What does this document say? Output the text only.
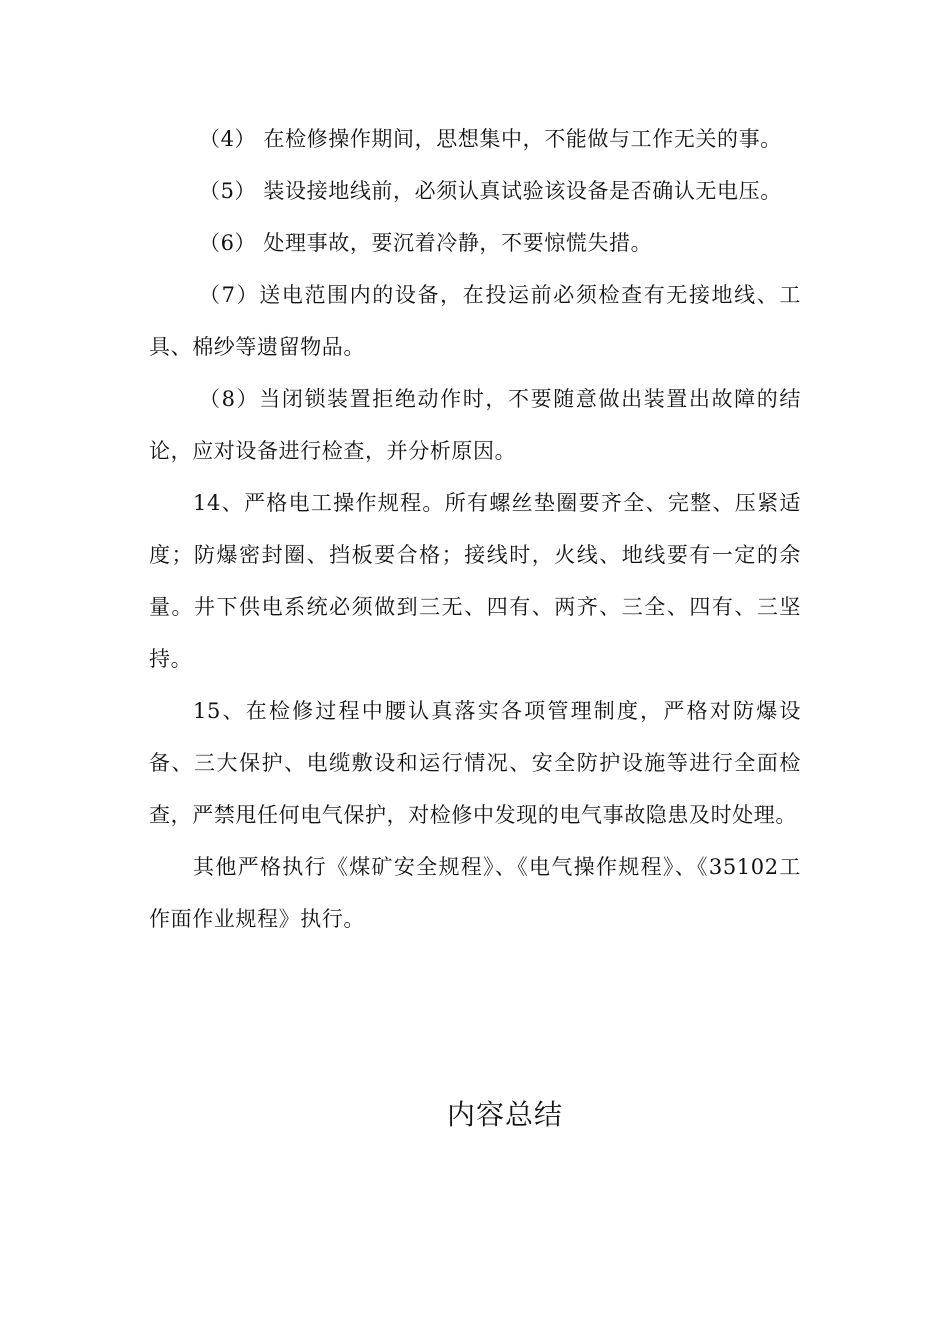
（4） 在检修操作期间，思想集中，不能做与工作无关的事。

（5） 装设接地线前，必须认真试验该设备是否确认无电压。

（6） 处理事故，要沉着冷静，不要惊慌失措。

（7）送电范围内的设备，在投运前必须检查有无接地线、工具、棉纱等遗留物品。

（8）当闭锁装置拒绝动作时，不要随意做出装置出故障的结论，应对设备进行检查，并分析原因。

14、严格电工操作规程。所有螺丝垫圈要齐全、完整、压紧适度；防爆密封圈、挡板要合格；接线时，火线、地线要有一定的余量。井下供电系统必须做到三无、四有、两齐、三全、四有、三坚持。

15、在检修过程中腰认真落实各项管理制度，严格对防爆设备、三大保护、电缆敷设和运行情况、安全防护设施等进行全面检查，严禁甩任何电气保护，对检修中发现的电气事故隐患及时处理。

其他严格执行《煤矿安全规程》、《电气操作规程》、《35102工作面作业规程》执行。

内容总结
